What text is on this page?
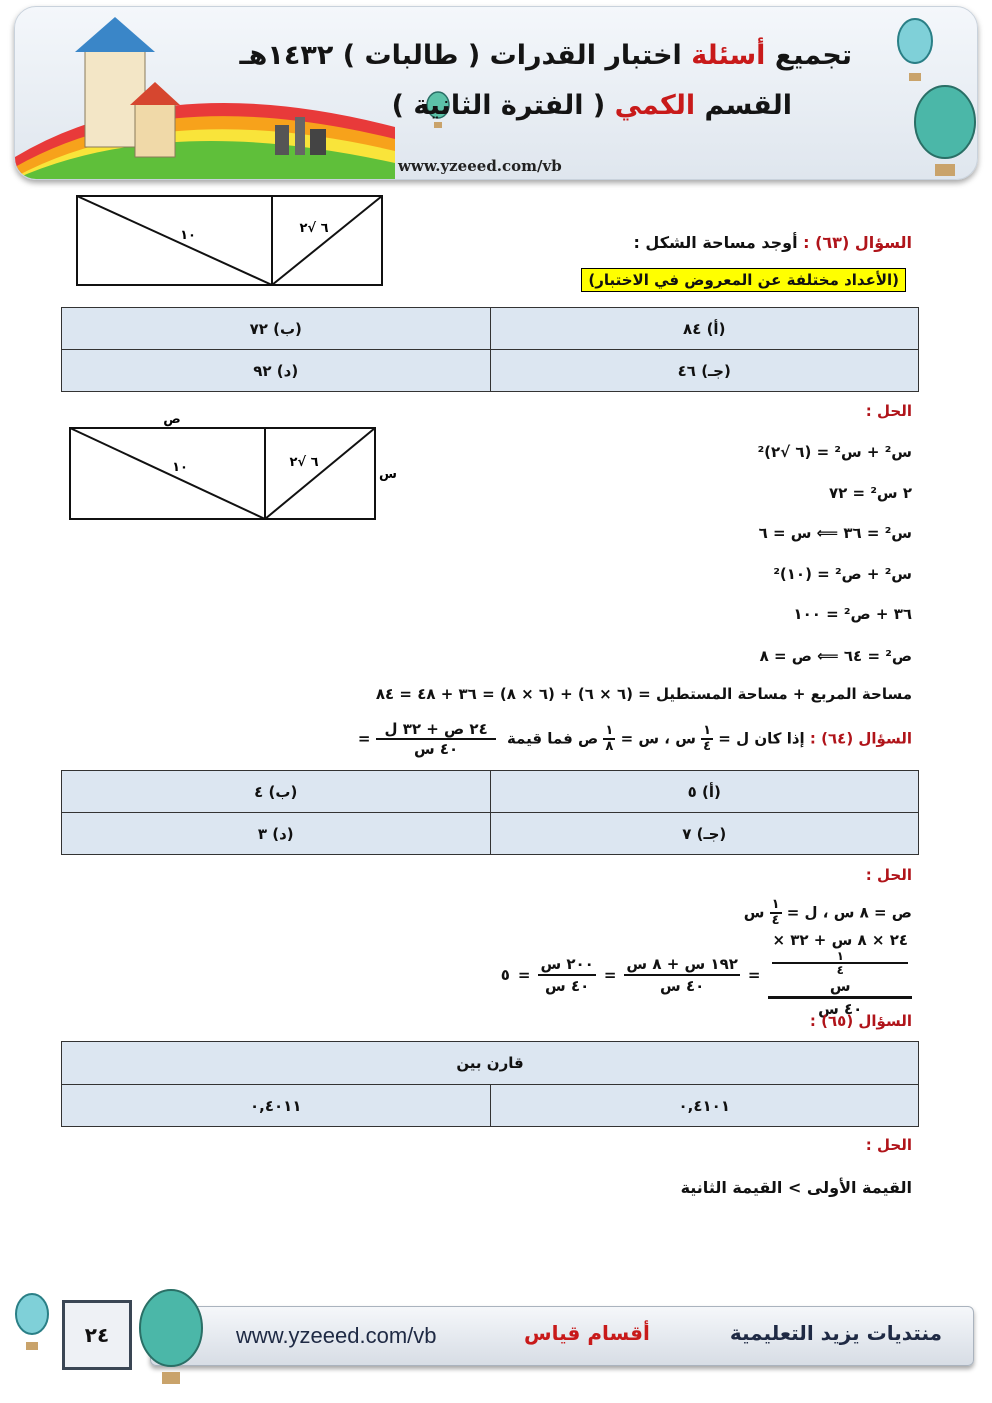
تجميع أسئلة اختبار القدرات ( طالبات ) ١٤٣٢هـ
القسم الكمي ( الفترة الثانية )
www.yzeeed.com/vb
١٠	٦ √٢
السؤال (٦٣) : أوجد مساحة الشكل :
(الأعداد مختلفة عن المعروض في الاختبار)
(ب) ٧٢	(أ) ٨٤
(د) ٩٢	(جـ) ٤٦
الحل :
ص
١٠	٦ √٢
س
س² + س² = (٦ √٢)²
٢ س² = ٧٢
س² = ٣٦ ⟸ س = ٦
س² + ص² = (١٠)²
٣٦ + ص² = ١٠٠
ص² = ٦٤ ⟸ ص = ٨
مساحة المربع + مساحة المستطيل = (٦ × ٦) + (٦ × ٨) = ٣٦ + ٤٨ = ٨٤
السؤال (٦٤) : إذا كان ل =
$\frac{١}{٤}$
س ، س =
$\frac{١}{٨}$
ص فما قيمة
$\frac{\text{٢٤ ص + ٣٢ ل}}{\text{٤٠ س}}$
=
(ب) ٤	(أ) ٥
(د) ٣	(جـ) ٧
الحل :
ص = ٨ س ، ل =
$\frac{١}{٤}$
س
٢٤ × ٨ س + ٣٢ ×
١
٤
س
٤٠ س
=
$\frac{\text{١٩٢ س + ٨ س}}{\text{٤٠ س}}$
=
$\frac{\text{٢٠٠ س}}{\text{٤٠ س}}$
=
٥
السؤال (٦٥) :
قارن بين
٠,٤٠١١	٠,٤١٠١
الحل :
القيمة الأولى > القيمة الثانية
٢٤	www.yzeeed.com/vb	أقسام قياس	منتديات يزيد التعليمية
